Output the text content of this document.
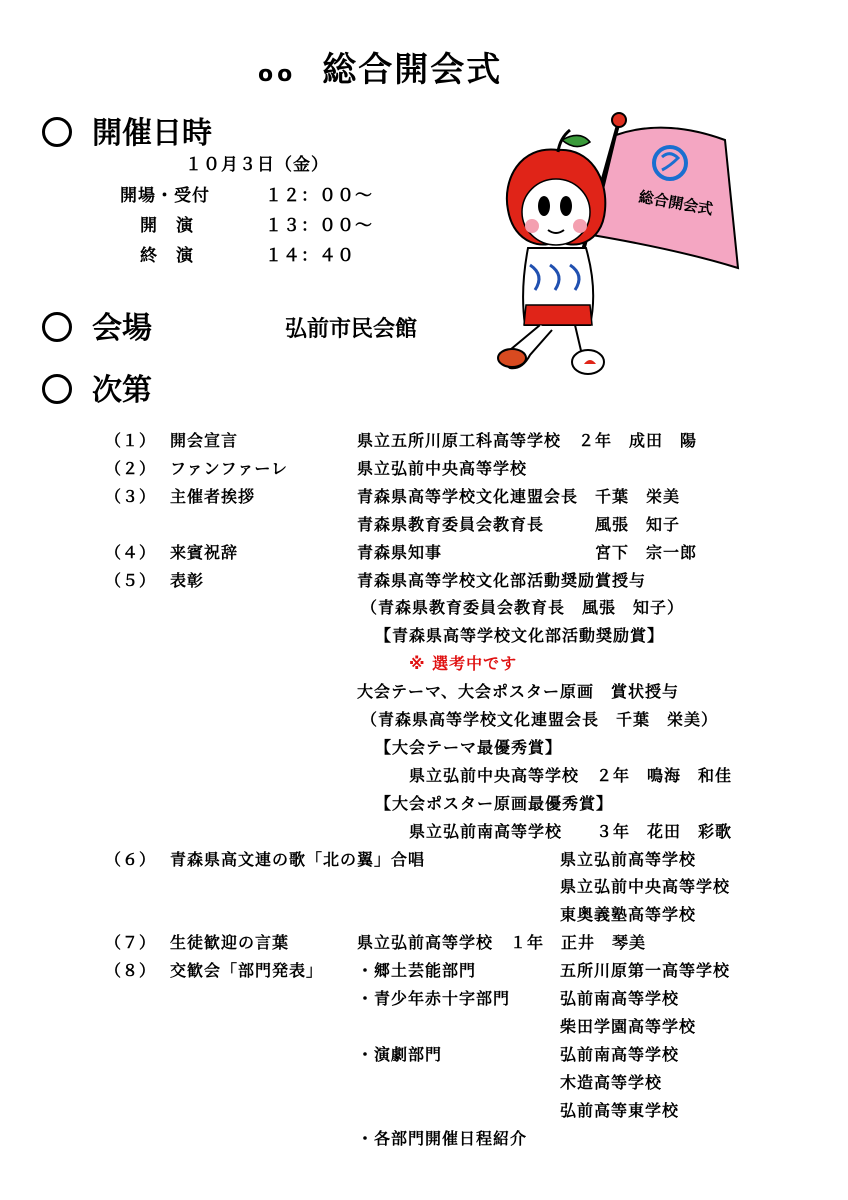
oo 総合開会式
開催日時
１０月３日（金）
開場・受付	１２：００～
開　演	１３：００～
終　演	１４：４０
会場	弘前市民会館
次第
総合開会式
（１） 開会宣言	県立五所川原工科高等学校　２年　成田　陽
（２） ファンファーレ	県立弘前中央高等学校
（３） 主催者挨拶	青森県高等学校文化連盟会長　千葉　栄美
青森県教育委員会教育長　　　風張　知子
（４） 来賓祝辞	青森県知事　　　　　　　　　宮下　宗一郎
（５） 表彰	青森県高等学校文化部活動奨励賞授与
（青森県教育委員会教育長　風張　知子）
【青森県高等学校文化部活動奨励賞】
※ 選考中です
大会テーマ、大会ポスター原画　賞状授与
（青森県高等学校文化連盟会長　千葉　栄美）
【大会テーマ最優秀賞】
県立弘前中央高等学校　２年　鳴海　和佳
【大会ポスター原画最優秀賞】
県立弘前南高等学校　　３年　花田　彩歌
（６） 青森県高文連の歌「北の翼」合唱	県立弘前高等学校
県立弘前中央高等学校
東奥義塾高等学校
（７） 生徒歓迎の言葉	県立弘前高等学校　１年　正井　琴美
（８） 交歓会「部門発表」 ・郷土芸能部門	五所川原第一高等学校
・青少年赤十字部門	弘前南高等学校
柴田学園高等学校
・演劇部門	弘前南高等学校
木造高等学校
弘前高等東学校
・各部門開催日程紹介
